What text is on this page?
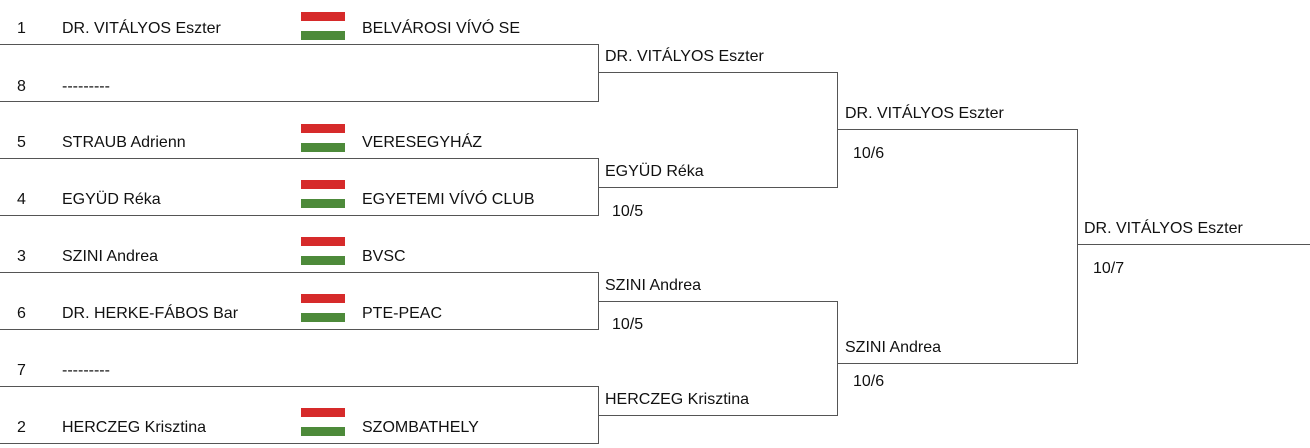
1 DR. VITÁLYOS Eszter	BELVÁROSI VÍVÓ SE
8 ---------
5 STRAUB Adrienn	VERESEGYHÁZ
4 EGYÜD Réka	EGYETEMI VÍVÓ CLUB
3 SZINI Andrea	BVSC
6 DR. HERKE-FÁBOS Bar	PTE-PEAC
7 ---------
2 HERCZEG Krisztina	SZOMBATHELY
DR. VITÁLYOS Eszter
EGYÜD Réka
10/5
SZINI Andrea
10/5
HERCZEG Krisztina
DR. VITÁLYOS Eszter
10/6
SZINI Andrea
10/6
DR. VITÁLYOS Eszter
10/7
